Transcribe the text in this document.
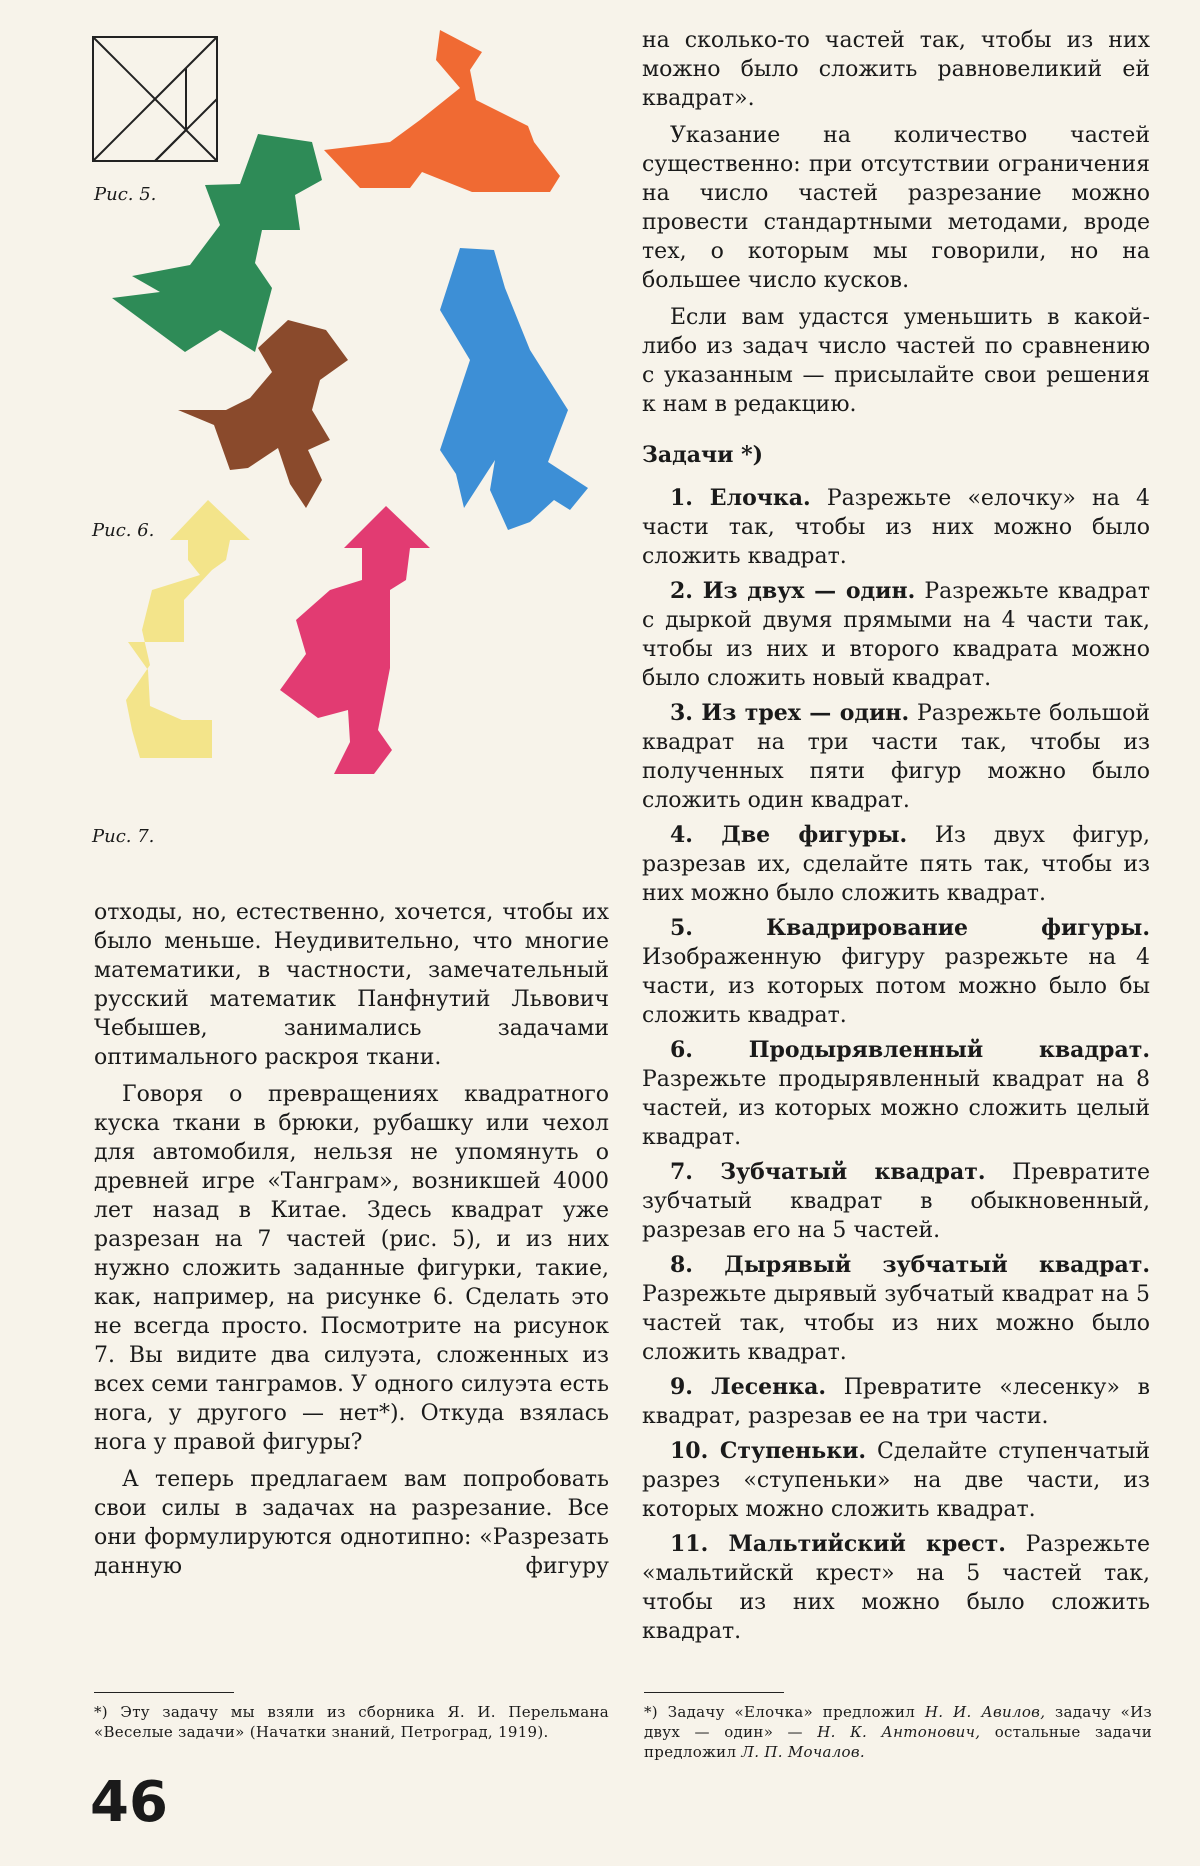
Рис. 5.
Рис. 6.
Рис. 7.

отходы, но, естественно, хочется, чтобы их было меньше. Неудивительно, что многие математики, в частности, замечательный русский математик Панфнутий Львович Чебышев, занимались задачами оптимального раскроя ткани.

Говоря о превращениях квадратного куска ткани в брюки, рубашку или чехол для автомобиля, нельзя не упомянуть о древней игре «Танграм», возникшей 4000 лет назад в Китае. Здесь квадрат уже разрезан на 7 частей (рис. 5), и из них нужно сложить заданные фигурки, такие, как, например, на рисунке 6. Сделать это не всегда просто. Посмотрите на рисунок 7. Вы видите два силуэта, сложенных из всех семи танграмов. У одного силуэта есть нога, у другого — нет*). Откуда взялась нога у правой фигуры?

А теперь предлагаем вам попробовать свои силы в задачах на разрезание. Все они формулируются однотипно: «Разрезать данную фигуру

на сколько-то частей так, чтобы из них можно было сложить равновеликий ей квадрат».

Указание на количество частей существенно: при отсутствии ограничения на число частей разрезание можно провести стандартными методами, вроде тех, о которым мы говорили, но на большее число кусков.

Если вам удастся уменьшить в какой-либо из задач число частей по сравнению с указанным — присылайте свои решения к нам в редакцию.

Задачи *)

1. Елочка. Разрежьте «елочку» на 4 части так, чтобы из них можно было сложить квадрат.

2. Из двух — один. Разрежьте квадрат с дыркой двумя прямыми на 4 части так, чтобы из них и второго квадрата можно было сложить новый квадрат.

3. Из трех — один. Разрежьте большой квадрат на три части так, чтобы из полученных пяти фигур можно было сложить один квадрат.

4. Две фигуры. Из двух фигур, разрезав их, сделайте пять так, чтобы из них можно было сложить квадрат.

5. Квадрирование фигуры. Изображенную фигуру разрежьте на 4 части, из которых потом можно было бы сложить квадрат.

6. Продырявленный квадрат. Разрежьте продырявленный квадрат на 8 частей, из которых можно сложить целый квадрат.

7. Зубчатый квадрат. Превратите зубчатый квадрат в обыкновенный, разрезав его на 5 частей.

8. Дырявый зубчатый квадрат. Разрежьте дырявый зубчатый квадрат на 5 частей так, чтобы из них можно было сложить квадрат.

9. Лесенка. Превратите «лесенку» в квадрат, разрезав ее на три части.

10. Ступеньки. Сделайте ступенчатый разрез «ступеньки» на две части, из которых можно сложить квадрат.

11. Мальтийский крест. Разрежьте «мальтийскй крест» на 5 частей так, чтобы из них можно было сложить квадрат.

*) Эту задачу мы взяли из сборника Я. И. Перельмана «Веселые задачи» (Начатки знаний, Петроград, 1919).
*) Задачу «Елочка» предложил Н. И. Авилов, задачу «Из двух — один» — Н. К. Антонович, остальные задачи предложил Л. П. Мочалов.
46
